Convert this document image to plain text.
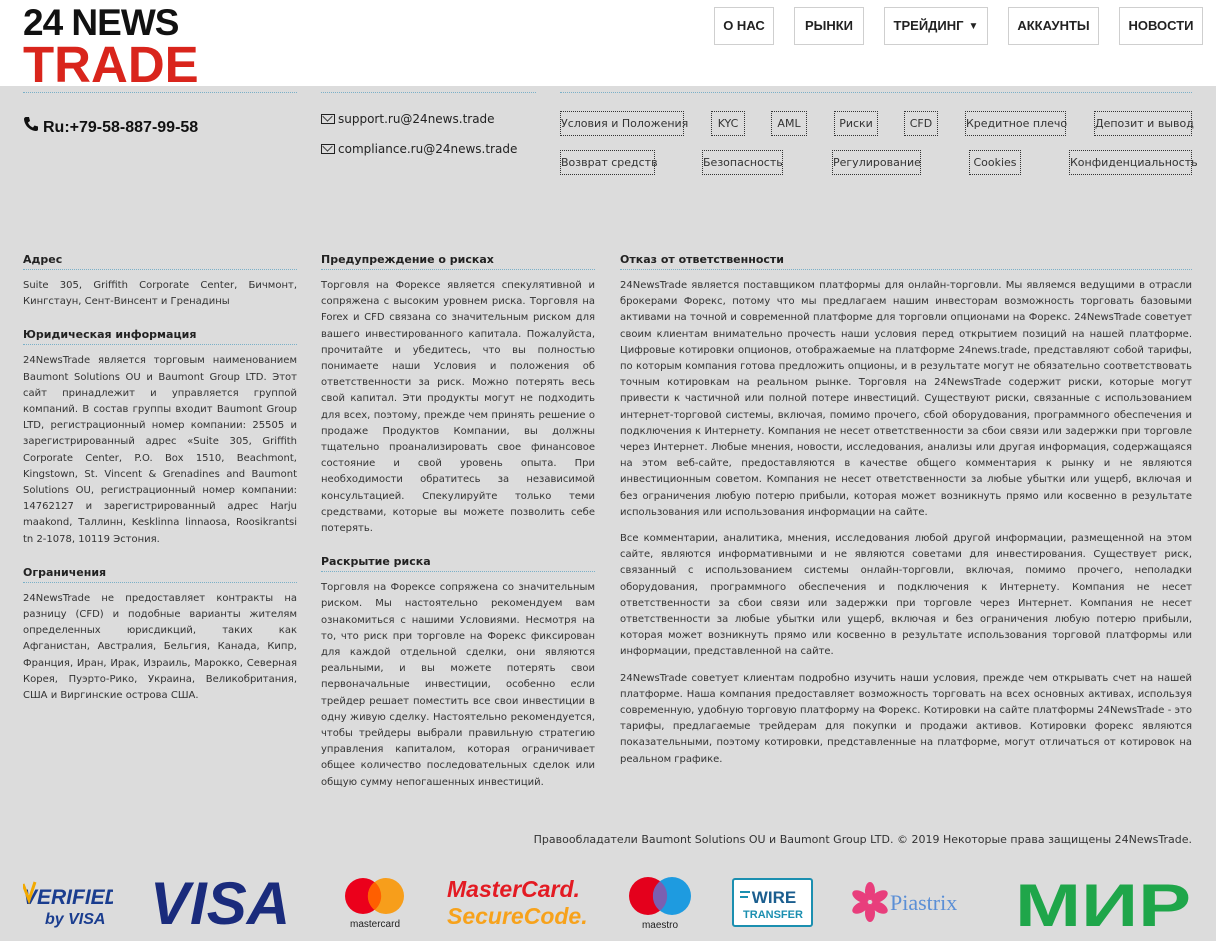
24 NEWS
TRADE
О НАС	РЫНКИ	ТРЕЙДИНГ ▼	АККАУНТЫ	НОВОСТИ
Ru:+79-58-887-99-58	support.ru@24news.trade
compliance.ru@24news.trade
Условия и Положения	KYC	AML	Риски	CFD	Кредитное плечо	Депозит и вывод
Возврат средств	Безопасность	Регулирование	Cookies	Конфиденциальность
Адрес

Suite 305, Griffith Corporate Center, Бичмонт, Кингстаун, Сент-Винсент и Гренадины

Юридическая информация

24NewsTrade является торговым наименованием Baumont Solutions OU и Baumont Group LTD. Этот сайт принадлежит и управляется группой компаний. В состав группы входит Baumont Group LTD, регистрационный номер компании: 25505 и зарегистрированный адрес «Suite 305, Griffith Corporate Center, P.O. Box 1510, Beachmont, Kingstown, St. Vincent & Grenadines and Baumont Solutions OU, регистрационный номер компании: 14762127 и зарегистрированный адрес Harju maakond, Таллинн, Kesklinna linnaosa, Roosikrantsi tn 2-1078, 10119 Эстония.

Ограничения

24NewsTrade не предоставляет контракты на разницу (CFD) и подобные варианты жителям определенных юрисдикций, таких как Афганистан, Австралия, Бельгия, Канада, Кипр, Франция, Иран, Ирак, Израиль, Марокко, Северная Корея, Пуэрто-Рико, Украина, Великобритания, США и Виргинские острова США.

Предупреждение о рисках

Торговля на Форексе является спекулятивной и сопряжена с высоким уровнем риска. Торговля на Forex и CFD связана со значительным риском для вашего инвестированного капитала. Пожалуйста, прочитайте и убедитесь, что вы полностью понимаете наши Условия и положения об ответственности за риск. Можно потерять весь свой капитал. Эти продукты могут не подходить для всех, поэтому, прежде чем принять решение о продаже Продуктов Компании, вы должны тщательно проанализировать свое финансовое состояние и свой уровень опыта. При необходимости обратитесь за независимой консультацией. Спекулируйте только теми средствами, которые вы можете позволить себе потерять.

Раскрытие риска

Торговля на Форексе сопряжена со значительным риском. Мы настоятельно рекомендуем вам ознакомиться с нашими Условиями. Несмотря на то, что риск при торговле на Форекс фиксирован для каждой отдельной сделки, они являются реальными, и вы можете потерять свои первоначальные инвестиции, особенно если трейдер решает поместить все свои инвестиции в одну живую сделку. Настоятельно рекомендуется, чтобы трейдеры выбрали правильную стратегию управления капиталом, которая ограничивает общее количество последовательных сделок или общую сумму непогашенных инвестиций.

Отказ от ответственности

24NewsTrade является поставщиком платформы для онлайн-торговли. Мы являемся ведущими в отрасли брокерами Форекс, потому что мы предлагаем нашим инвесторам возможность торговать базовыми активами на точной и современной платформе для торговли опционами на Форекс. 24NewsTrade советует своим клиентам внимательно прочесть наши условия перед открытием позиций на нашей платформе. Цифровые котировки опционов, отображаемые на платформе 24news.trade, представляют собой тарифы, по которым компания готова предложить опционы, и в результате могут не обязательно соответствовать точным котировкам на реальном рынке. Торговля на 24NewsTrade содержит риски, которые могут привести к частичной или полной потере инвестиций. Существуют риски, связанные с использованием интернет-торговой системы, включая, помимо прочего, сбой оборудования, программного обеспечения и подключения к Интернету. Компания не несет ответственности за сбои связи или задержки при торговле через Интернет. Любые мнения, новости, исследования, анализы или другая информация, содержащаяся на этом веб-сайте, предоставляются в качестве общего комментария к рынку и не являются инвестиционным советом. Компания не несет ответственности за любые убытки или ущерб, включая и без ограничения любую потерю прибыли, которая может возникнуть прямо или косвенно в результате использования или использования информации на сайте.

Все комментарии, аналитика, мнения, исследования любой другой информации, размещенной на этом сайте, являются информативными и не являются советами для инвестирования. Существует риск, связанный с использованием системы онлайн-торговли, включая, помимо прочего, неполадки оборудования, программного обеспечения и подключения к Интернету. Компания не несет ответственности за сбои связи или задержки при торговле через Интернет. Компания не несет ответственности за любые убытки или ущерб, включая и без ограничения любую потерю прибыли, которая может возникнуть прямо или косвенно в результате использования торговой платформы или информации, представленной на сайте.

24NewsTrade советует клиентам подробно изучить наши условия, прежде чем открывать счет на нашей платформе. Наша компания предоставляет возможность торговать на всех основных активах, используя современную, удобную торговую платформу на Форекс. Котировки на сайте платформы 24NewsTrade - это тарифы, предлагаемые трейдерам для покупки и продажи активов. Котировки форекс являются показательными, поэтому котировки, представленные на платформе, могут отличаться от котировок на реальном графике.

Правообладатели Baumont Solutions OU и Baumont Group LTD. © 2019 Некоторые права защищены 24NewsTrade.
VERIFIED
by VISA VISA	mastercard
MasterCard.
SecureCode.	maestro
WIRE
TRANSFER	Piastrix МИР
